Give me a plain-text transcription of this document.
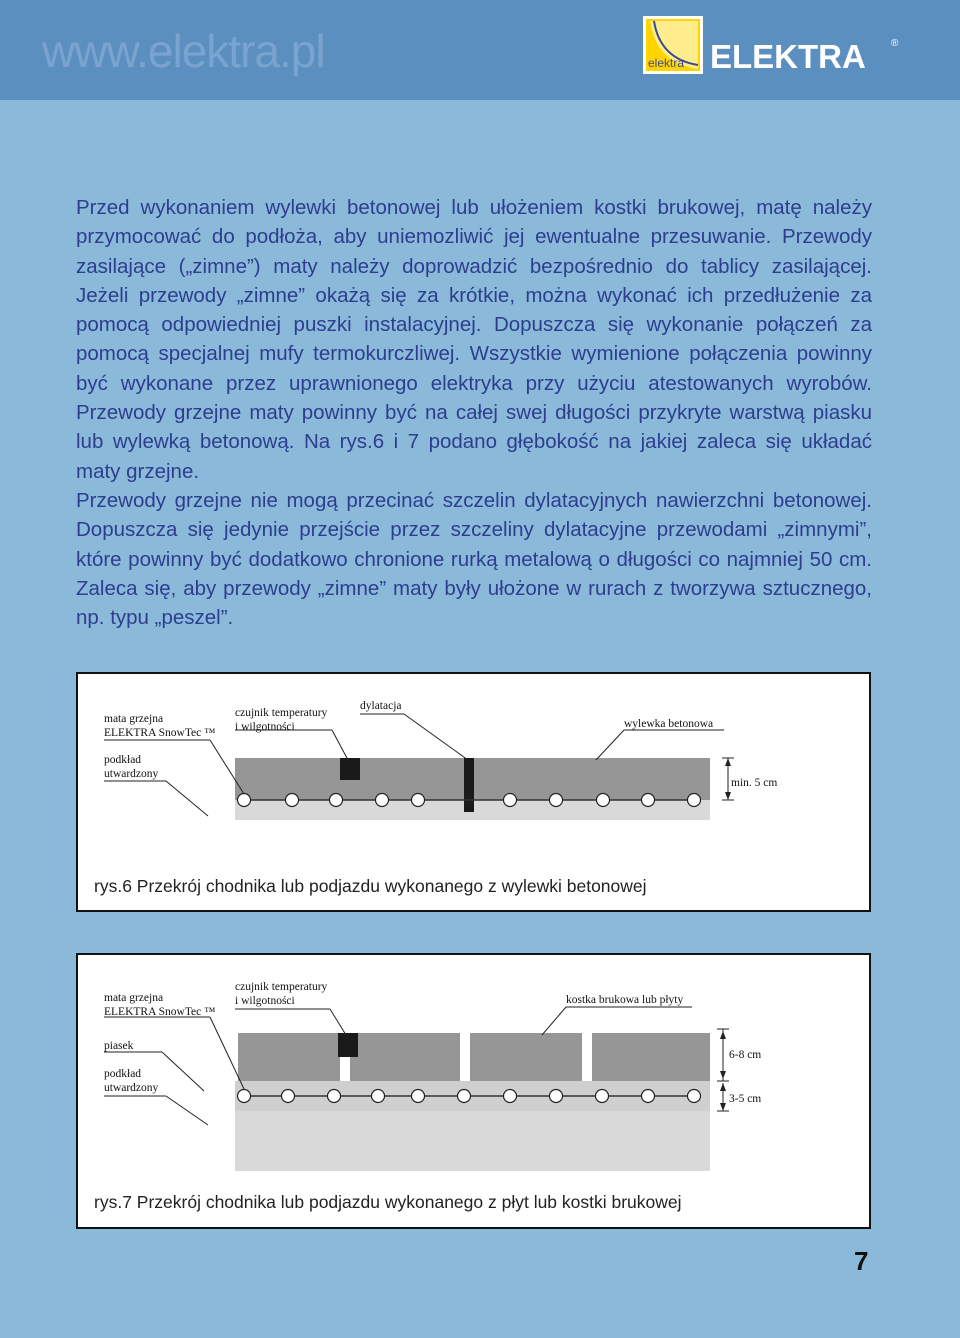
www.elektra.pl	elektra ELEKTRA	®

Przed wykonaniem wylewki betonowej lub ułożeniem kostki brukowej, matę należy przymocować do podłoża, aby uniemozliwić jej ewentualne przesuwanie. Przewody zasilające („zimne”) maty należy doprowadzić bezpośrednio do tablicy zasilającej. Jeżeli przewody „zimne” okażą się za krótkie, można wykonać ich przedłużenie za pomocą odpowiedniej puszki instalacyjnej. Dopuszcza się wykonanie połączeń za pomocą specjalnej mufy termokurczliwej. Wszystkie wymienione połączenia powinny być wykonane przez uprawnionego elektryka przy użyciu atestowanych wyrobów. Przewody grzejne maty powinny być na całej swej długości przykryte warstwą piasku lub wylewką betonową. Na rys.6 i 7 podano głębokość na jakiej zaleca się układać maty grzejne.

Przewody grzejne nie mogą przecinać szczelin dylatacyjnych nawierzchni betonowej. Dopuszcza się jedynie przejście przez szczeliny dylatacyjne przewodami „zimnymi”, które powinny być dodatkowo chronione rurką metalową o długości co najmniej 50 cm. Zaleca się, aby przewody „zimne” maty były ułożone w rurach z tworzywa sztucznego, np. typu „peszel”.

mata grzejna
ELEKTRA SnowTec ™
czujnik temperatury
i wilgotności
dylatacja
wylewka betonowa
podkład
utwardzony
min. 5 cm
rys.6 Przekrój chodnika lub podjazdu wykonanego z wylewki betonowej
mata grzejna
ELEKTRA SnowTec ™
czujnik temperatury
i wilgotności	kostka brukowa lub płyty
piasek
podkład
utwardzony
6-8 cm
3-5 cm
rys.7 Przekrój chodnika lub podjazdu wykonanego z płyt lub kostki brukowej
7
